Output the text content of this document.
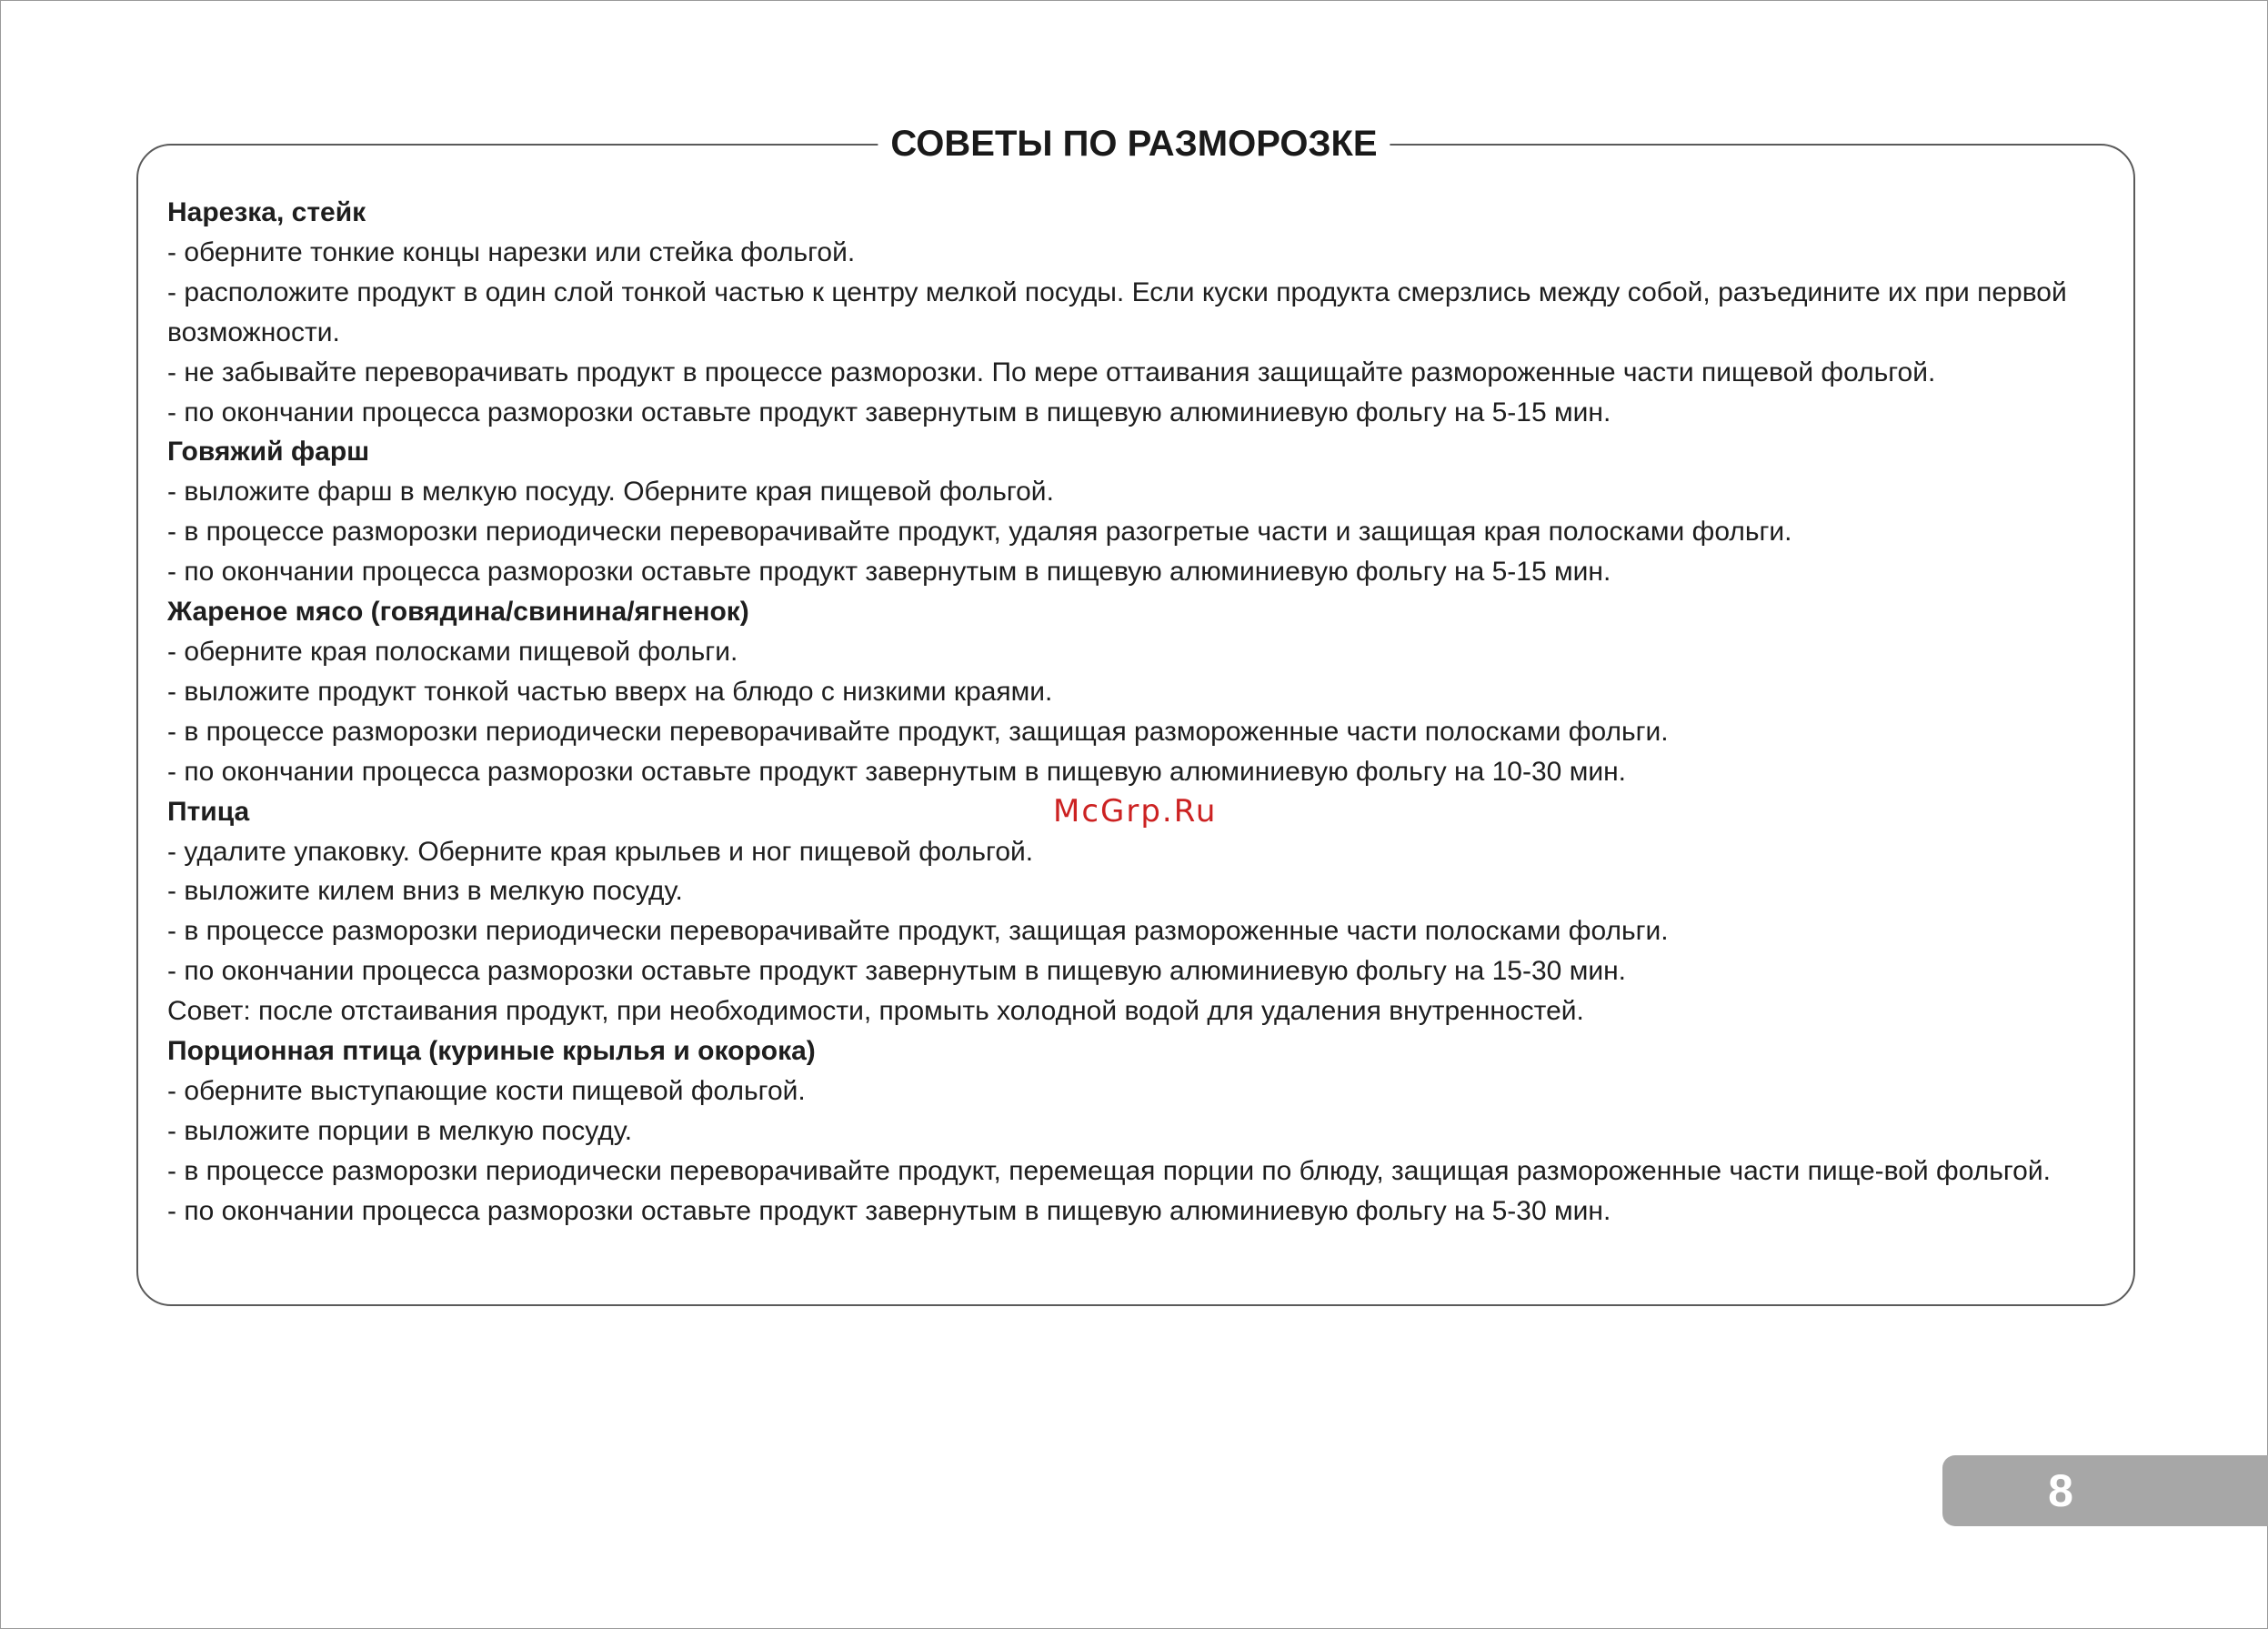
СОВЕТЫ ПО РАЗМОРОЗКЕ
Нарезка, стейк
- оберните тонкие концы нарезки или стейка фольгой.
- расположите продукт в один слой тонкой частью к центру мелкой посуды. Если куски продукта смерзлись между собой, разъедините их при первой возможности.
- не забывайте переворачивать продукт в процессе разморозки. По мере оттаивания защищайте размороженные части пищевой фольгой.
- по окончании процесса разморозки оставьте продукт завернутым в пищевую алюминиевую фольгу на 5-15 мин.
Говяжий фарш
- выложите фарш в мелкую посуду. Оберните края пищевой фольгой.
- в процессе разморозки периодически переворачивайте продукт, удаляя разогретые части и защищая края полосками фольги.
- по окончании процесса разморозки оставьте продукт завернутым в пищевую алюминиевую фольгу на 5-15 мин.
Жареное мясо (говядина/свинина/ягненок)
- оберните края полосками пищевой фольги.
- выложите продукт тонкой частью вверх на блюдо с низкими краями.
- в процессе разморозки периодически переворачивайте продукт, защищая размороженные части полосками фольги.
- по окончании процесса разморозки оставьте продукт завернутым в пищевую алюминиевую фольгу на 10-30 мин.
Птица
- удалите упаковку. Оберните края крыльев и ног пищевой фольгой.
- выложите килем вниз в мелкую посуду.
- в процессе разморозки периодически переворачивайте продукт, защищая размороженные части полосками фольги.
- по окончании процесса разморозки оставьте продукт завернутым в пищевую алюминиевую фольгу на 15-30 мин.
Совет: после отстаивания продукт, при необходимости, промыть холодной водой для удаления внутренностей.
Порционная птица (куриные крылья и окорока)
- оберните выступающие кости пищевой фольгой.
- выложите порции в мелкую посуду.
- в процессе разморозки периодически переворачивайте продукт, перемещая порции по блюду, защищая размороженные части пище-вой фольгой.
- по окончании процесса разморозки оставьте продукт завернутым в пищевую алюминиевую фольгу на 5-30 мин.
McGrp.Ru
8
